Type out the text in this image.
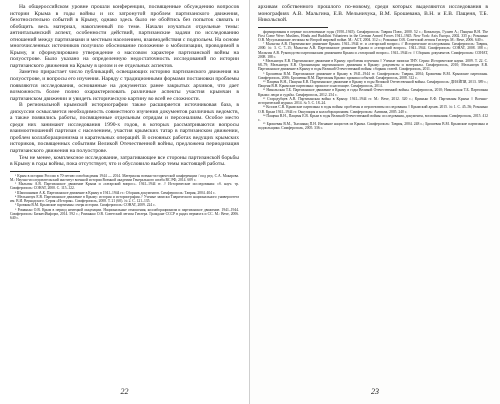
На общероссийском уровне прошли конференции, посвященные обсуждению вопросов истории Крыма в годы войны и их затронутой проблем партизанского движения, безотносительно событий в Крыму, однако здесь было не обойтись без попыток связать и обобщить весь материал, накопленный по теме. Начали изучаться отдельные темы: антиитальянский аспект, особенности действий, партизанские задачи по исследованию отношений между партизанами и местным населением, взаимодействия с подпольем. На основе многочисленных источников получило обоснование положение о мобилизации, проводимой в Крыму, и сформулировано утверждение о массовом характере партизанской войны на полуострове. Было указано на определенную недостаточность исследований по истории партизанского движения на Крыму в целом и ее отдельных аспектов.

Заметно прирастает число публикаций, освещающих историю партизанского движения на полуострове, и вопросы его изучения. Наряду с традиционными формами постановки проблемы появляются исследования, основанные на документах ранее закрытых архивов, что дает возможность более полно охарактеризовать различные аспекты участия крымчан в партизанском движении и увидеть историческую картину во всей ее сложности.

В региональной крымской историографии также расширяется источниковая база, в дискуссии осмысляется необходимость совместного изучения документов различных ведомств, а также появились работы, посвященные отдельным отрядам и персоналиям. Особое место среди них занимают исследования 1990-х годов, в которых рассматриваются вопросы взаимоотношений партизан с населением, участия крымских татар в партизанском движении, проблем коллаборационизма и карательных операций. В основных работах ведущих крымских историков, посвященных событиям Великой Отечественной войны, предложена периодизация партизанского движения на полуострове.

Тем не менее, комплексное исследование, затрагивающее все стороны партизанской борьбы в Крыму в годы войны, пока отсутствует, что и обусловило выбор темы настоящей работы.

¹ Крым в истории России в 70-летию освобождения 1944 — 2014. Материалы военно-исторической конференции / под ред. С.А. Макарова. М.: Научно-исследовательский институт военной истории Военной академии Генерального штаба ВС РФ, 2014. 609 с.

² Мальгин А.В. Партизанское движение Крыма и «татарский вопрос». 1941–1944 гг. // Исторические исследования: сб. науч. тр. Симферополь: СОНАТ, 2000. С. 115–122.

³ Шапошников А.К. Партизанское движение в Крыму в 1941–1944 гг.: Сборник документов. Симферополь: Таврия, 2004. 404 с.

⁴ Мельничук Е.В. Партизанское движение в Крыму: история и историография // Ученые записки Таврического национального университета им. В.И. Вернадского. Серия «История». Симферополь, 2008. Т. 21 (60). № 2. С. 121–135.

⁵ Бровкин В.М. Крымские партизаны: очерк истории. Симферополь: СОНАТ, 2009. 224 с.

⁶ Романько О.В. Крым в период немецкой оккупации. Национальные отношения, коллаборационизм и партизанское движение. 1941–1944. Симферополь: БизнесИнформ, 2014. 592 с.; Романько О.В. Советский легион Гитлера. Граждане СССР в рядах вермахта и СС. М.: Вече, 2006. 640 с.

22

архивам собственного прошлого по-новому, среди которых выделяются исследования в монографиях А.В. Мальгина, Е.В. Мельничука, В.М. Брошевана, В.Н. и Е.В. Пащеня, Т.Б. Никольской.

формирования в первые послевоенные годы (1950–1945). Симферополь: Таврия Плюс, 2000. 52 с.; Ковальчук, Гуляев А.; Пащеня В.Н. The First Come Were: Muslims, Hindu and Buddhist Volunteers in the German Armed Forces 1941–1945. New York: Axis Europa, 2002. 335 p.; Романько О.В. Мусульманские легионы во Второй мировой войне. М.: АСТ, 2004. 312 с.; Романько О.В. Советский легион Гитлера. М.: Вече, 2006. 640 с.

⁷ Мальгин А.В. Партизанское движение Крыма. 1941–1944 гг. и «татарский вопрос» // Исторические исследования. Симферополь: Таврия, 2000. № 3. С. 7–15; Мальгин А.В. Партизанское движение Крыма и «татарский вопрос». 1941–1944. Симферополь: СОНАТ, 2008. 188 с.; Мальгин А.В. Руководство партизанским движением Крыма и «татарский вопрос». 1941–1944 гг. // Сборник документов. Симферополь: СОНАТ, 2008. 188 с.

⁸ Мельничук Е.В. Партизанское движение в Крыму: проблемы изучения // Ученые записки ТНУ. Серия: Исторические науки. 2009. Т. 22. С. 68–79; Мельничук Е.В. Организация партизанского движения в Крыму: документы и материалы. Симферополь, 2010; Мельничук Е.В. Партизанское движение в Крыму в годы Великой Отечественной войны: сборник статей. Симферополь, 2011.

⁹ Брошеван В.М. Партизанское движение в Крыму в 1941–1944 гг. Симферополь: Таврия, 2004; Брошеван В.М. Крымские партизаны. Симферополь, 2006; Брошеван В.М. Партизаны Крыма: хроника событий. Симферополь, 2008. 312 с.

¹⁰ Пащеня В.Н., Пащеня Е.В. Партизанское движение в Крыму в годы Великой Отечественной войны. Симферополь: ДИАЙПИ, 2013. 389 с.; Пащеня В.Н. Крымские партизаны: прошлое и настоящее. Симферополь, 2014.

¹¹ Никольская Т.Б. Партизанское движение в Крыму в годы Великой Отечественной войны. Симферополь, 2010; Никольская Т.Б. Партизаны Крыма: люди и судьбы. Симферополь, 2012. 254 с.

¹² Стародубцев А.В. Партизанская война в Крыму. 1941–1944 гг. М.: Вече, 2012. 320 с.; Кринько Е.Ф. Партизаны Крыма // Военно-исторический журнал. 2014. № 5. С. 18–24.

¹³ Козлов С.В. Крымские партизаны в годы войны: проблемы и перспективы исследования // Крымский архив. 2015. № 1. С. 45–56; Романько О.В. Крым 1941–1944 гг. Оккупация и коллаборационизм. Симферополь: Антиква, 2005. 240 с.

¹⁴ Пащеня В.Н., Пащеня Е.В. Крым в годы Великой Отечественной войны: исследования, документы, воспоминания. Симферополь, 2015. 412 с.

¹⁵ Брошеван В.М., Тыглиянц П.Н. Изгнание нацистов из Крыма. Симферополь: Таврия, 2004. 248 с.; Брошеван В.М. Крымские партизаны и подпольщики. Симферополь, 2005. 336 с.

23
